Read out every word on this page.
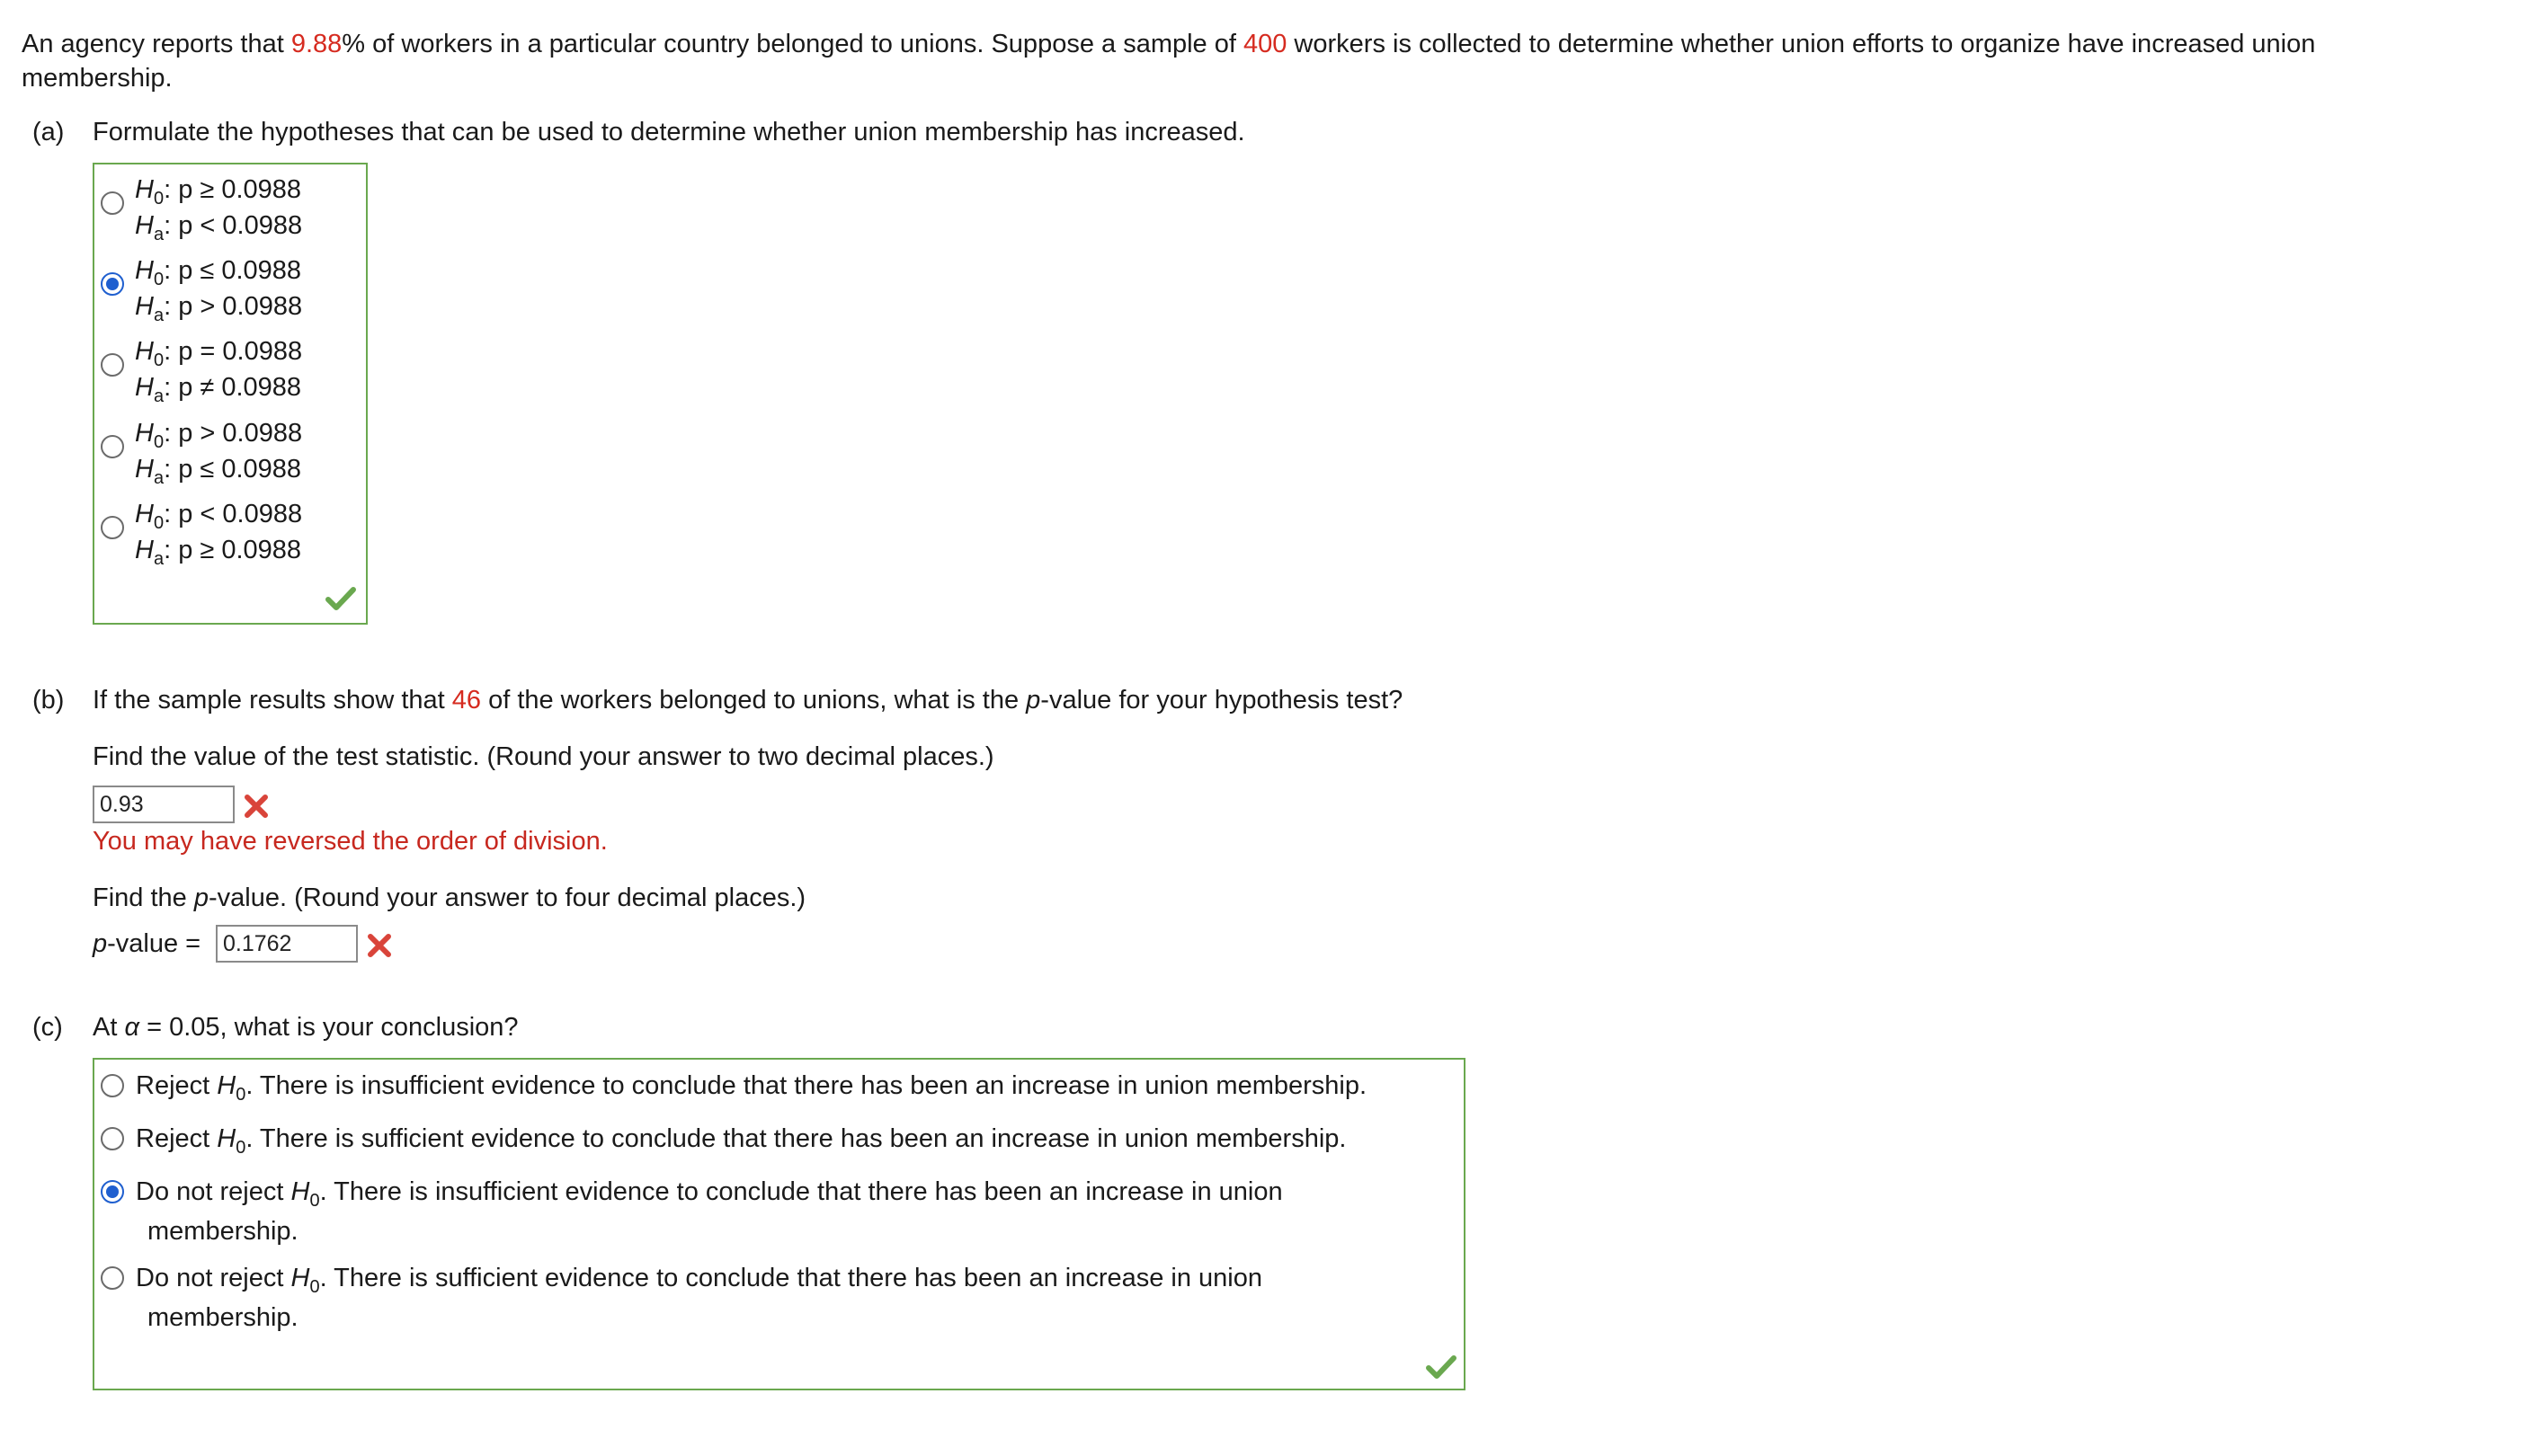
An agency reports that 9.88% of workers in a particular country belonged to unions. Suppose a sample of 400 workers is collected to determine whether union efforts to organize have increased union membership.
(a) Formulate the hypotheses that can be used to determine whether union membership has increased.
$H_0$: p ≥ 0.0988
$H_a$: p < 0.0988
$H_0$: p ≤ 0.0988
$H_a$: p > 0.0988
$H_0$: p = 0.0988
$H_a$: p ≠ 0.0988
$H_0$: p > 0.0988
$H_a$: p ≤ 0.0988
$H_0$: p < 0.0988
$H_a$: p ≥ 0.0988
(b) If the sample results show that 46 of the workers belonged to unions, what is the p-value for your hypothesis test?
Find the value of the test statistic. (Round your answer to two decimal places.)
0.93
You may have reversed the order of division.
Find the p-value. (Round your answer to four decimal places.)
p-value = 0.1762
(c) At α = 0.05, what is your conclusion?
Reject $H_0$. There is insufficient evidence to conclude that there has been an increase in union membership.
Reject $H_0$. There is sufficient evidence to conclude that there has been an increase in union membership.
Do not reject $H_0$. There is insufficient evidence to conclude that there has been an increase in union
membership.
Do not reject $H_0$. There is sufficient evidence to conclude that there has been an increase in union
membership.
